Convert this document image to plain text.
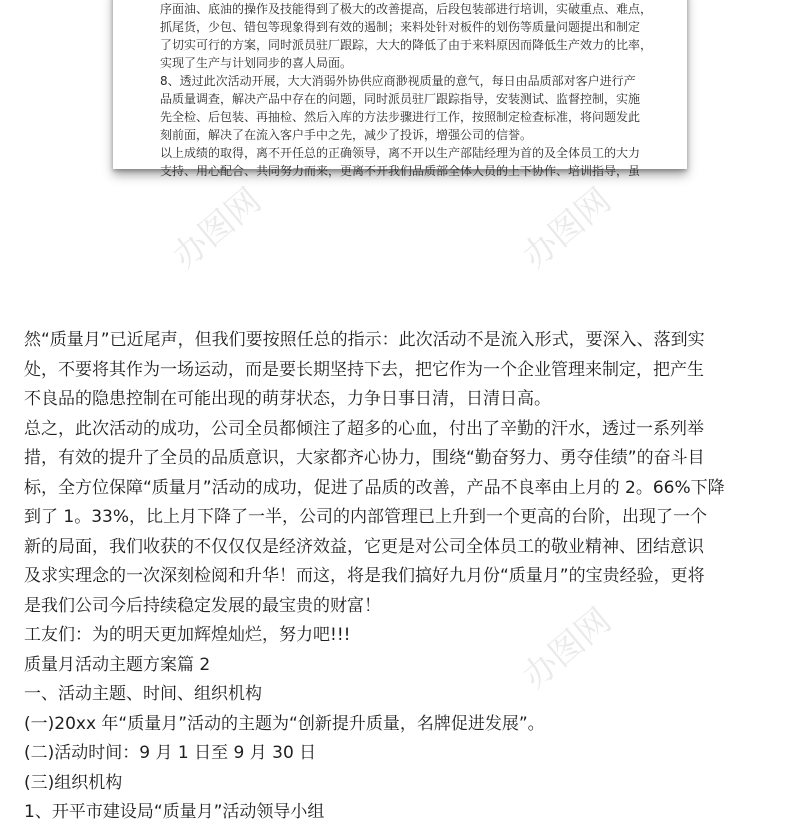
序面油、底油的操作及技能得到了极大的改善提高，后段包装部进行培训，实破重点、难点，
抓尾货，少包、错包等现象得到有效的遏制；来料处针对板件的划伤等质量问题提出和制定
了切实可行的方案，同时派员驻厂跟踪，大大的降低了由于来料原因而降低生产效力的比率，
实现了生产与计划同步的喜人局面。
8、透过此次活动开展，大大消弱外协供应商渺视质量的意气，每日由品质部对客户进行产
品质量调查，解决产品中存在的问题，同时派员驻厂跟踪指导，安装测试、监督控制，实施
先全检、后包装、再抽检、然后入库的方法步骤进行工作，按照制定检查标准，将问题发此
刻前面，解决了在流入客户手中之先，减少了投诉，增强公司的信誉。
以上成绩的取得，离不开任总的正确领导，离不开以生产部陆经理为首的及全体员工的大力
支持、用心配合、共同努力而来，更离不开我们品质部全体人员的上下协作、培训指导，虽
办图网	办图网
办图网
然“质量月”已近尾声，但我们要按照任总的指示：此次活动不是流入形式，要深入、落到实
处，不要将其作为一场运动，而是要长期坚持下去，把它作为一个企业管理来制定，把产生
不良品的隐患控制在可能出现的萌芽状态，力争日事日清，日清日高。
总之，此次活动的成功，公司全员都倾注了超多的心血，付出了辛勤的汗水，透过一系列举
措，有效的提升了全员的品质意识，大家都齐心协力，围绕“勤奋努力、勇夺佳绩”的奋斗目
标，全方位保障“质量月”活动的成功，促进了品质的改善，产品不良率由上月的 2。66%下降
到了 1。33%，比上月下降了一半，公司的内部管理已上升到一个更高的台阶，出现了一个
新的局面，我们收获的不仅仅仅是经济效益，它更是对公司全体员工的敬业精神、团结意识
及求实理念的一次深刻检阅和升华！而这，将是我们搞好九月份“质量月”的宝贵经验，更将
是我们公司今后持续稳定发展的最宝贵的财富！
工友们：为的明天更加辉煌灿烂，努力吧!!!
质量月活动主题方案篇 2
一、活动主题、时间、组织机构
(一)20xx 年“质量月”活动的主题为“创新提升质量，名牌促进发展”。
(二)活动时间：9 月 1 日至 9 月 30 日
(三)组织机构
1、开平市建设局“质量月”活动领导小组
